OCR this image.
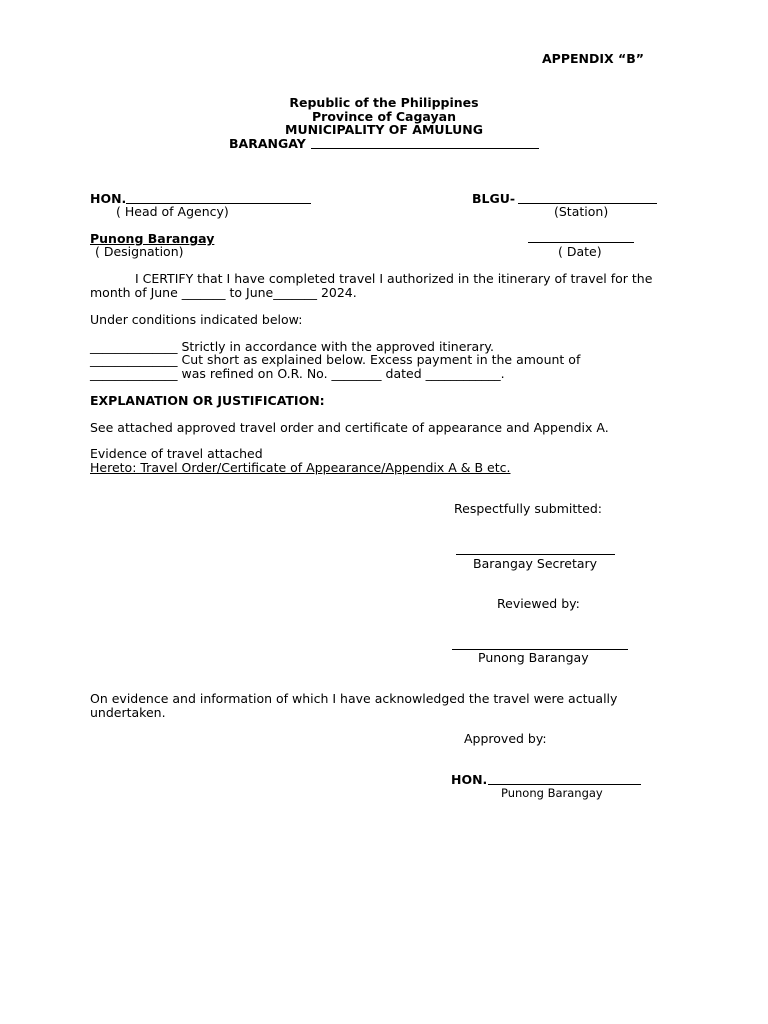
APPENDIX “B”
Republic of the Philippines
Province of Cagayan
MUNICIPALITY OF AMULUNG
BARANGAY
HON.
( Head of Agency)
BLGU-
(Station)
Punong Barangay
( Designation)	( Date)
I CERTIFY that I have completed travel I authorized in the itinerary of travel for the
month of June _______ to June_______ 2024.
Under conditions indicated below:
______________ Strictly in accordance with the approved itinerary.
______________ Cut short as explained below. Excess payment in the amount of
______________ was refined on O.R. No. ________ dated ____________.
EXPLANATION OR JUSTIFICATION:
See attached approved travel order and certificate of appearance and Appendix A.
Evidence of travel attached
Hereto: Travel Order/Certificate of Appearance/Appendix A & B etc.
Respectfully submitted:
Barangay Secretary
Reviewed by:
Punong Barangay
On evidence and information of which I have acknowledged the travel were actually
undertaken.
Approved by:
HON.
Punong Barangay
